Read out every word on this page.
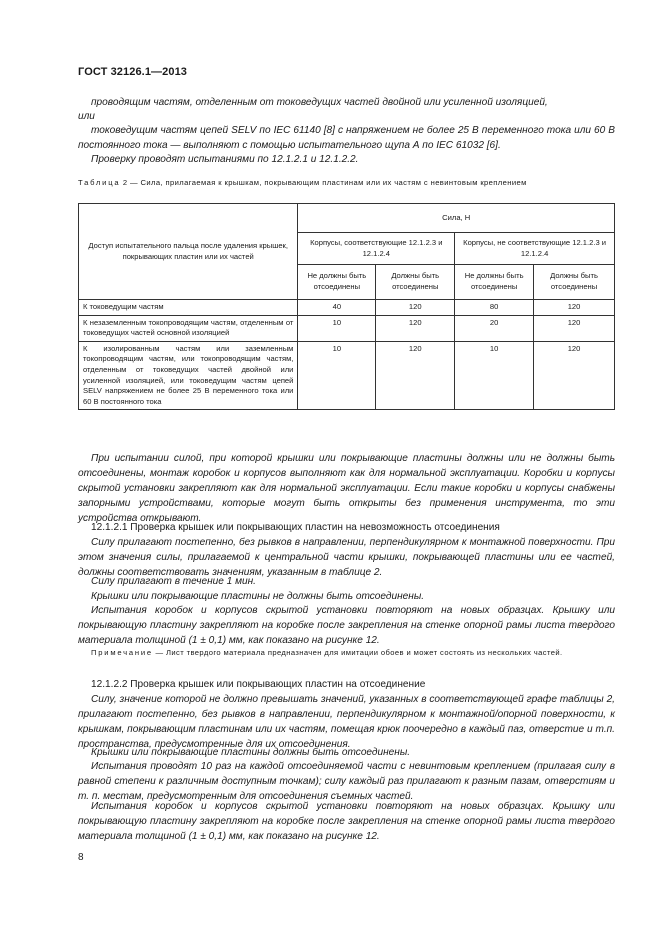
ГОСТ 32126.1—2013
проводящим частям, отделенным от токоведущих частей двойной или усиленной изоляцией,
или
токоведущим частям цепей SELV по IEC 61140 [8] с напряжением не более 25 В переменного тока или 60 В постоянного тока — выполняют с помощью испытательного щупа А по IEC 61032 [6].
Проверку проводят испытаниями по 12.1.2.1 и 12.1.2.2.
Таблица 2 — Сила, прилагаемая к крышкам, покрывающим пластинам или их частям с невинтовым креплением
Доступ испытательного пальца после удаления крышек, покрывающих пластин или их частей	Сила, Н			
	Корпусы, соответствующие 12.1.2.3 и 12.1.2.4		Корпусы, не соответствующие 12.1.2.3 и 12.1.2.4	
	Не должны быть отсоединены	Должны быть отсоединены	Не должны быть отсоединены	Должны быть отсоединены
К токоведущим частям	40	120	80	120
К незаземленным токопроводящим частям, отделенным от токоведущих частей основной изоляцией	10	120	20	120
К изолированным частям или заземленным токопроводящим частям, или токопроводящим частям, отделенным от токоведущих частей двойной или усиленной изоляцией, или токоведущим частям цепей SELV напряжением не более 25 В переменного тока или 60 В постоянного тока	10	120	10	120
При испытании силой, при которой крышки или покрывающие пластины должны или не должны быть отсоединены, монтаж коробок и корпусов выполняют как для нормальной эксплуатации. Коробки и корпусы скрытой установки закрепляют как для нормальной эксплуатации. Если такие коробки и корпусы снабжены запорными устройствами, которые могут быть открыты без применения инструмента, то эти устройства открывают.
12.1.2.1 Проверка крышек или покрывающих пластин на невозможность отсоединения
Силу прилагают постепенно, без рывков в направлении, перпендикулярном к монтажной поверхности. При этом значения силы, прилагаемой к центральной части крышки, покрывающей пластины или ее частей, должны соответствовать значениям, указанным в таблице 2.
Силу прилагают в течение 1 мин.
Крышки или покрывающие пластины не должны быть отсоединены.
Испытания коробок и корпусов скрытой установки повторяют на новых образцах. Крышку или покрывающую пластину закрепляют на коробке после закрепления на стенке опорной рамы листа твердого материала толщиной (1 ± 0,1) мм, как показано на рисунке 12.
Примечание — Лист твердого материала предназначен для имитации обоев и может состоять из нескольких частей.
12.1.2.2 Проверка крышек или покрывающих пластин на отсоединение
Силу, значение которой не должно превышать значений, указанных в соответствующей графе таблицы 2, прилагают постепенно, без рывков в направлении, перпендикулярном к монтажной/опорной поверхности, к крышкам, покрывающим пластинам или их частям, помещая крюк поочередно в каждый паз, отверстие и т.п. пространства, предусмотренные для их отсоединения.
Крышки или покрывающие пластины должны быть отсоединены.
Испытания проводят 10 раз на каждой отсоединяемой части с невинтовым креплением (прилагая силу в равной степени к различным доступным точкам); силу каждый раз прилагают к разным пазам, отверстиям и т. п. местам, предусмотренным для отсоединения съемных частей.
Испытания коробок и корпусов скрытой установки повторяют на новых образцах. Крышку или покрывающую пластину закрепляют на коробке после закрепления на стенке опорной рамы листа твердого материала толщиной (1 ± 0,1) мм, как показано на рисунке 12.
8
